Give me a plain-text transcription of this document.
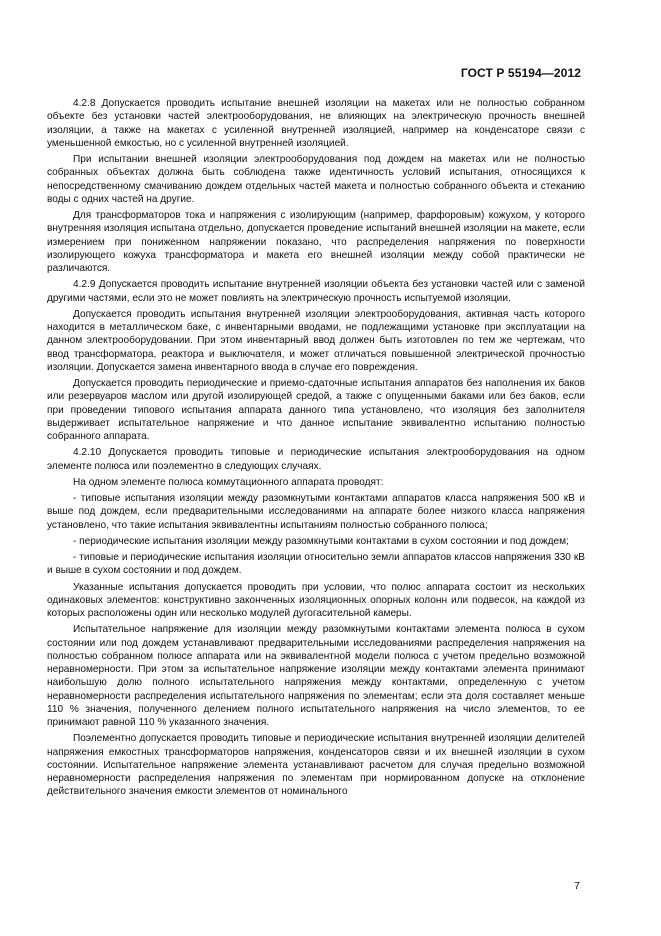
ГОСТ Р 55194—2012

4.2.8 Допускается проводить испытание внешней изоляции на макетах или не полностью собранном объекте без установки частей электрооборудования, не влияющих на электрическую прочность внешней изоляции, а также на макетах с усиленной внутренней изоляцией, например на конденсаторе связи с уменьшенной емкостью, но с усиленной внутренней изоляцией.

При испытании внешней изоляции электрооборудования под дождем на макетах или не полностью собранных объектах должна быть соблюдена также идентичность условий испытания, относящихся к непосредственному смачиванию дождем отдельных частей макета и полностью собранного объекта и стеканию воды с одних частей на другие.

Для трансформаторов тока и напряжения с изолирующим (например, фарфоровым) кожухом, у которого внутренняя изоляция испытана отдельно, допускается проведение испытаний внешней изоляции на макете, если измерением при пониженном напряжении показано, что распределения напряжения по поверхности изолирующего кожуха трансформатора и макета его внешней изоляции между собой практически не различаются.

4.2.9 Допускается проводить испытание внутренней изоляции объекта без установки частей или с заменой другими частями, если это не может повлиять на электрическую прочность испытуемой изоляции.

Допускается проводить испытания внутренней изоляции электрооборудования, активная часть которого находится в металлическом баке, с инвентарными вводами, не подлежащими установке при эксплуатации на данном электрооборудовании. При этом инвентарный ввод должен быть изготовлен по тем же чертежам, что ввод трансформатора, реактора и выключателя, и может отличаться повышенной электрической прочностью изоляции. Допускается замена инвентарного ввода в случае его повреждения.

Допускается проводить периодические и приемо-сдаточные испытания аппаратов без наполнения их баков или резервуаров маслом или другой изолирующей средой, а также с опущенными баками или без баков, если при проведении типового испытания аппарата данного типа установлено, что изоляция без заполнителя выдерживает испытательное напряжение и что данное испытание эквивалентно испытанию полностью собранного аппарата.

4.2.10 Допускается проводить типовые и периодические испытания электрооборудования на одном элементе полюса или поэлементно в следующих случаях.

На одном элементе полюса коммутационного аппарата проводят:

- типовые испытания изоляции между разомкнутыми контактами аппаратов класса напряжения 500 кВ и выше под дождем, если предварительными исследованиями на аппарате более низкого класса напряжения установлено, что такие испытания эквивалентны испытаниям полностью собранного полюса;

- периодические испытания изоляции между разомкнутыми контактами в сухом состоянии и под дождем;

- типовые и периодические испытания изоляции относительно земли аппаратов классов напряжения 330 кВ и выше в сухом состоянии и под дождем.

Указанные испытания допускается проводить при условии, что полюс аппарата состоит из нескольких одинаковых элементов: конструктивно законченных изоляционных опорных колонн или подвесок, на каждой из которых расположены один или несколько модулей дугогасительной камеры.

Испытательное напряжение для изоляции между разомкнутыми контактами элемента полюса в сухом состоянии или под дождем устанавливают предварительными исследованиями распределения напряжения на полностью собранном полюсе аппарата или на эквивалентной модели полюса с учетом предельно возможной неравномерности. При этом за испытательное напряжение изоляции между контактами элемента принимают наибольшую долю полного испытательного напряжения между контактами, определенную с учетом неравномерности распределения испытательного напряжения по элементам; если эта доля составляет меньше 110 % значения, полученного делением полного испытательного напряжения на число элементов, то ее принимают равной 110 % указанного значения.

Поэлементно допускается проводить типовые и периодические испытания внутренней изоляции делителей напряжения емкостных трансформаторов напряжения, конденсаторов связи и их внешней изоляции в сухом состоянии. Испытательное напряжение элемента устанавливают расчетом для случая предельно возможной неравномерности распределения напряжения по элементам при нормированном допуске на отклонение действительного значения емкости элементов от номинального

7
